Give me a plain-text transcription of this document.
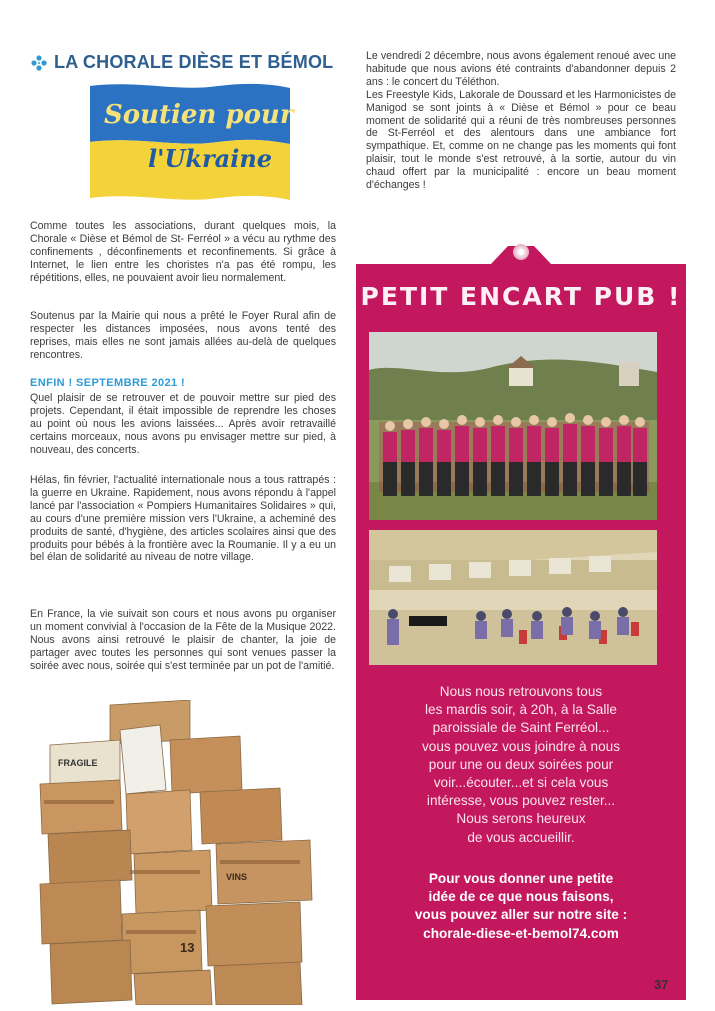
LA CHORALE DIÈSE ET BÉMOL
Soutien pour
l'Ukraine
Comme toutes les associations, durant quelques mois, la Chorale « Dièse et Bémol de St- Ferréol » a vécu au rythme des confinements , déconfinements et reconfinements. Si grâce à Internet, le lien entre les choristes n'a pas été rompu, les répétitions, elles, ne pouvaient avoir lieu normalement.
Soutenus par la Mairie qui nous a prêté le Foyer Rural afin de respecter les distances imposées, nous avons tenté des reprises, mais elles ne sont jamais allées au-delà de quelques rencontres.
ENFIN ! SEPTEMBRE 2021 !
Quel plaisir de se retrouver et de pouvoir mettre sur pied des projets. Cependant, il était impossible de reprendre les choses au point où nous les avions laissées... Après avoir retravaillé certains morceaux, nous avons pu envisager mettre sur pied, à nouveau, des concerts.
Hélas, fin février, l'actualité internationale nous a tous rattrapés : la guerre en Ukraine. Rapidement, nous avons répondu à l'appel lancé par l'association « Pompiers Humanitaires Solidaires » qui, au cours d'une première mission vers l'Ukraine, a acheminé des produits de santé, d'hygiène, des articles scolaires ainsi que des produits pour bébés à la frontière avec la Roumanie. Il y a eu un bel élan de solidarité au niveau de notre village.
En France, la vie suivait son cours et nous avons pu organiser un moment convivial à l'occasion de la Fête de la Musique 2022. Nous avons ainsi retrouvé le plaisir de chanter, la joie de partager avec toutes les personnes qui sont venues passer la soirée avec nous, soirée qui s'est terminée par un pot de l'amitié.

Le vendredi 2 décembre, nous avons également renoué avec une habitude que nous avions été contraints d'abandonner depuis 2 ans : le concert du Téléthon.

Les Freestyle Kids, Lakorale de Doussard et les Harmonicistes de Manigod se sont joints à « Dièse et Bémol » pour ce beau moment de solidarité qui a réuni de très nombreuses personnes de St-Ferréol et des alentours dans une ambiance fort sympathique. Et, comme on ne change pas les moments qui font plaisir, tout le monde s'est retrouvé, à la sortie, autour du vin chaud offert par la municipalité : encore un beau moment d'échanges !

PETIT ENCART PUB !
Nous nous retrouvons tous
les mardis soir, à 20h, à la Salle
paroissiale de Saint Ferréol...
vous pouvez vous joindre à nous
pour une ou deux soirées pour
voir...écouter...et si cela vous
intéresse, vous pouvez rester...
Nous serons heureux
de vous accueillir.
Pour vous donner une petite
idée de ce que nous faisons,
vous pouvez aller sur notre site :
chorale-diese-et-bemol74.com
FRAGILE
VINS
13
37
